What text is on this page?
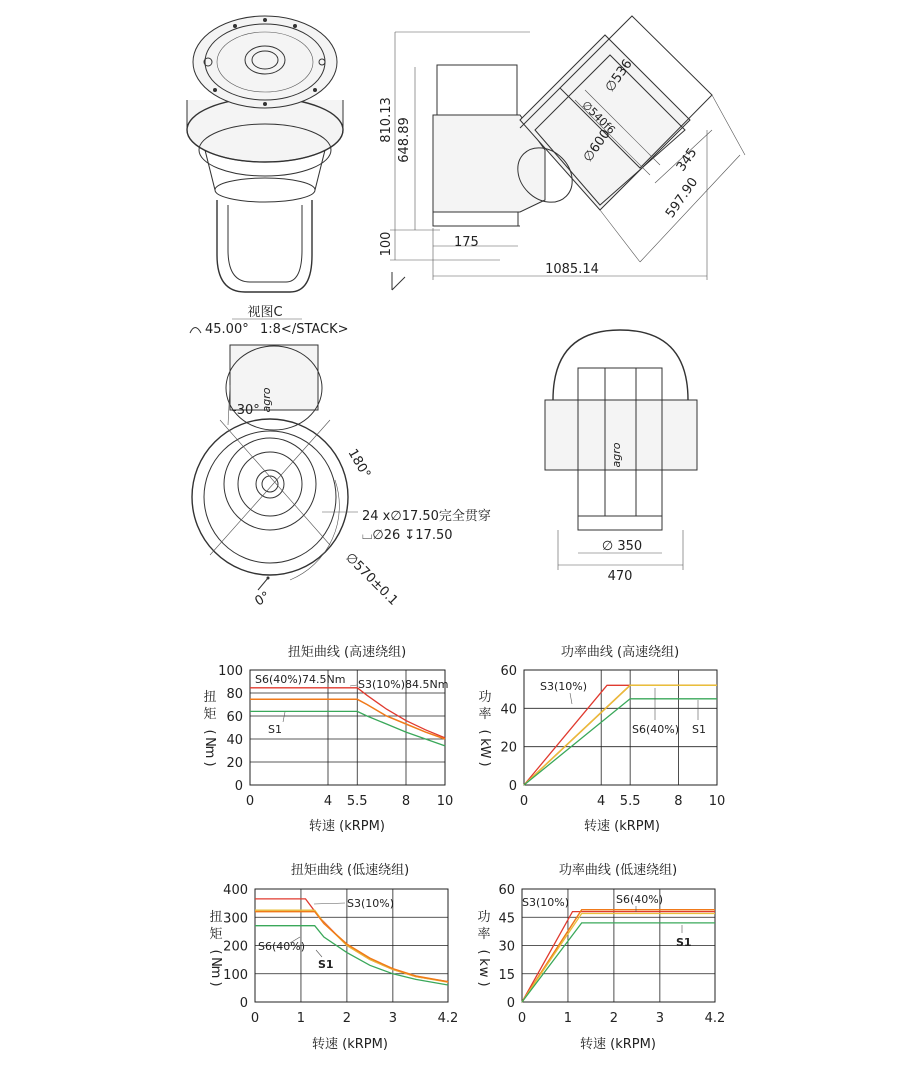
810.13 648.89
100	175
1085.14
∅536
∅540f6
∅600	345
597.90
视图C
45.00° 1:8</STACK>
-30°
180°
0°
24 x∅17.50完全贯穿
⌴∅26 ↧17.50
∅570±0.1
agro
agro
∅ 350
470
扭矩曲线 (高速绕组)
扭
矩
(
N
m
)
转速 (kRPM)
0	4 5.5	8 10
0
20
40
60
80
100
S6(40%)74.5Nm S3(10%)84.5Nm
S1
功率曲线 (高速绕组)
功
率
(
k
W
)
转速 (kRPM)
0	4 5.5	8 10
0
20
40
60
S3(10%)
S6(40%) S1
扭矩曲线 (低速绕组)
扭
矩
(
N
m
)
转速 (kRPM)
0	1	2	3	4.2
0
100
200
300
400
S3(10%)
S6(40%)
S1
功率曲线 (低速绕组)
功
率
(
k
w
)
转速 (kRPM)
0	1	2	3	4.2
0
15
30
45
60
S3(10%)	S6(40%)
S1
